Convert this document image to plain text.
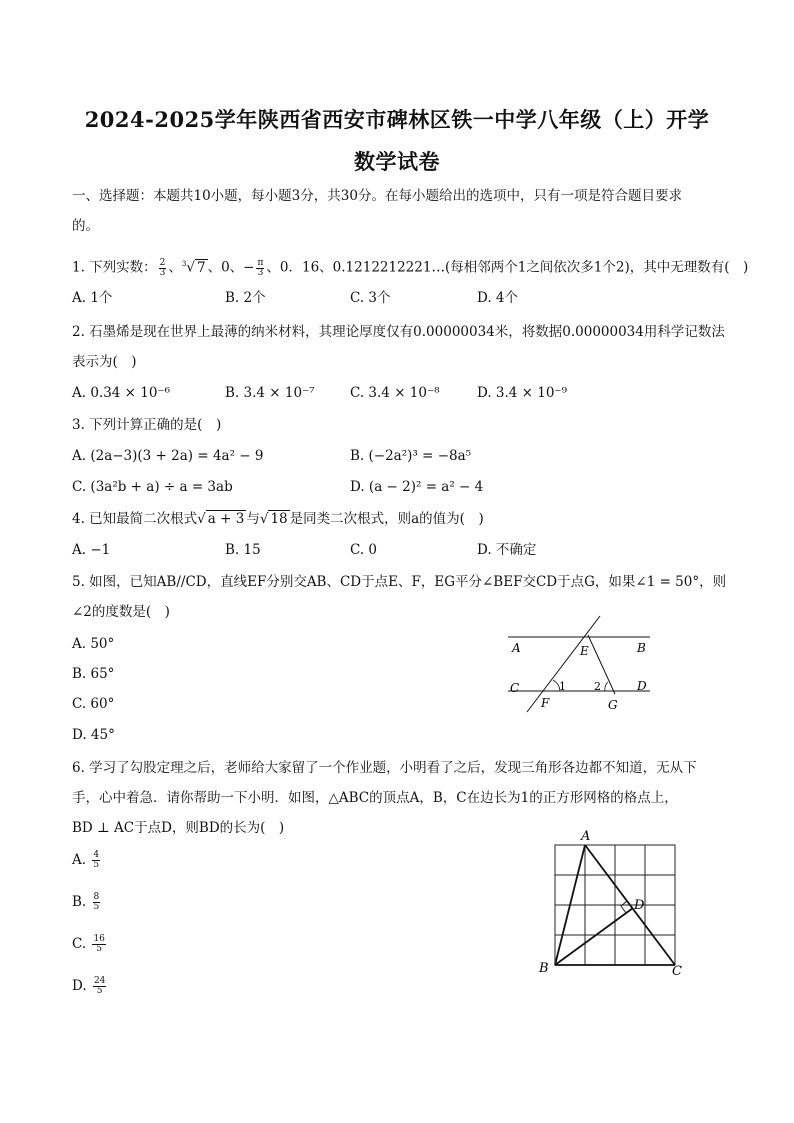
2024-2025学年陕西省西安市碑林区铁一中学八年级（上）开学
数学试卷
一、选择题：本题共10小题，每小题3分，共30分。在每小题给出的选项中，只有一项是符合题目要求
的。
1. 下列实数： $\frac{2}{3}$ 、$^3$√ 7 、0、− $\frac{\pi}{3}$ 、0．16、0.1212212221…(每相邻两个1之间依次多1个2)，其中无理数有(　)
A. 1个	B. 2个	C. 3个	D. 4个
2. 石墨烯是现在世界上最薄的纳米材料，其理论厚度仅有0.00000034米，将数据0.00000034用科学记数法
表示为(　)
A. 0.34 × 10⁻⁶	B. 3.4 × 10⁻⁷	C. 3.4 × 10⁻⁸	D. 3.4 × 10⁻⁹
3. 下列计算正确的是(　)
A. (2a−3)(3 + 2a) = 4a² − 9	B. (−2a²)³ = −8a⁵
C. (3a²b + a) ÷ a = 3ab	D. (a − 2)² = a² − 4
4. 已知最简二次根式√ a + 3 与√ 18 是同类二次根式，则a的值为(　)
A. −1	B. 15	C. 0	D. 不确定
5. 如图，已知AB//CD，直线EF分别交AB、CD于点E、F，EG平分∠BEF交CD于点G，如果∠1 = 50°，则
∠2的度数是(　)
A. 50°
B. 65°
C. 60°
D. 45°
A	B
C	D
E
F	G
1	2
6. 学习了勾股定理之后，老师给大家留了一个作业题，小明看了之后，发现三角形各边都不知道，无从下
手，心中着急．请你帮助一下小明．如图，△ABC的顶点A，B，C在边长为1的正方形网格的格点上，
BD ⊥ AC于点D，则BD的长为(　)
A. $\frac{4}{5}$
B. $\frac{8}{5}$
C. $\frac{16}{5}$
D. $\frac{24}{5}$
A
B	C
D
